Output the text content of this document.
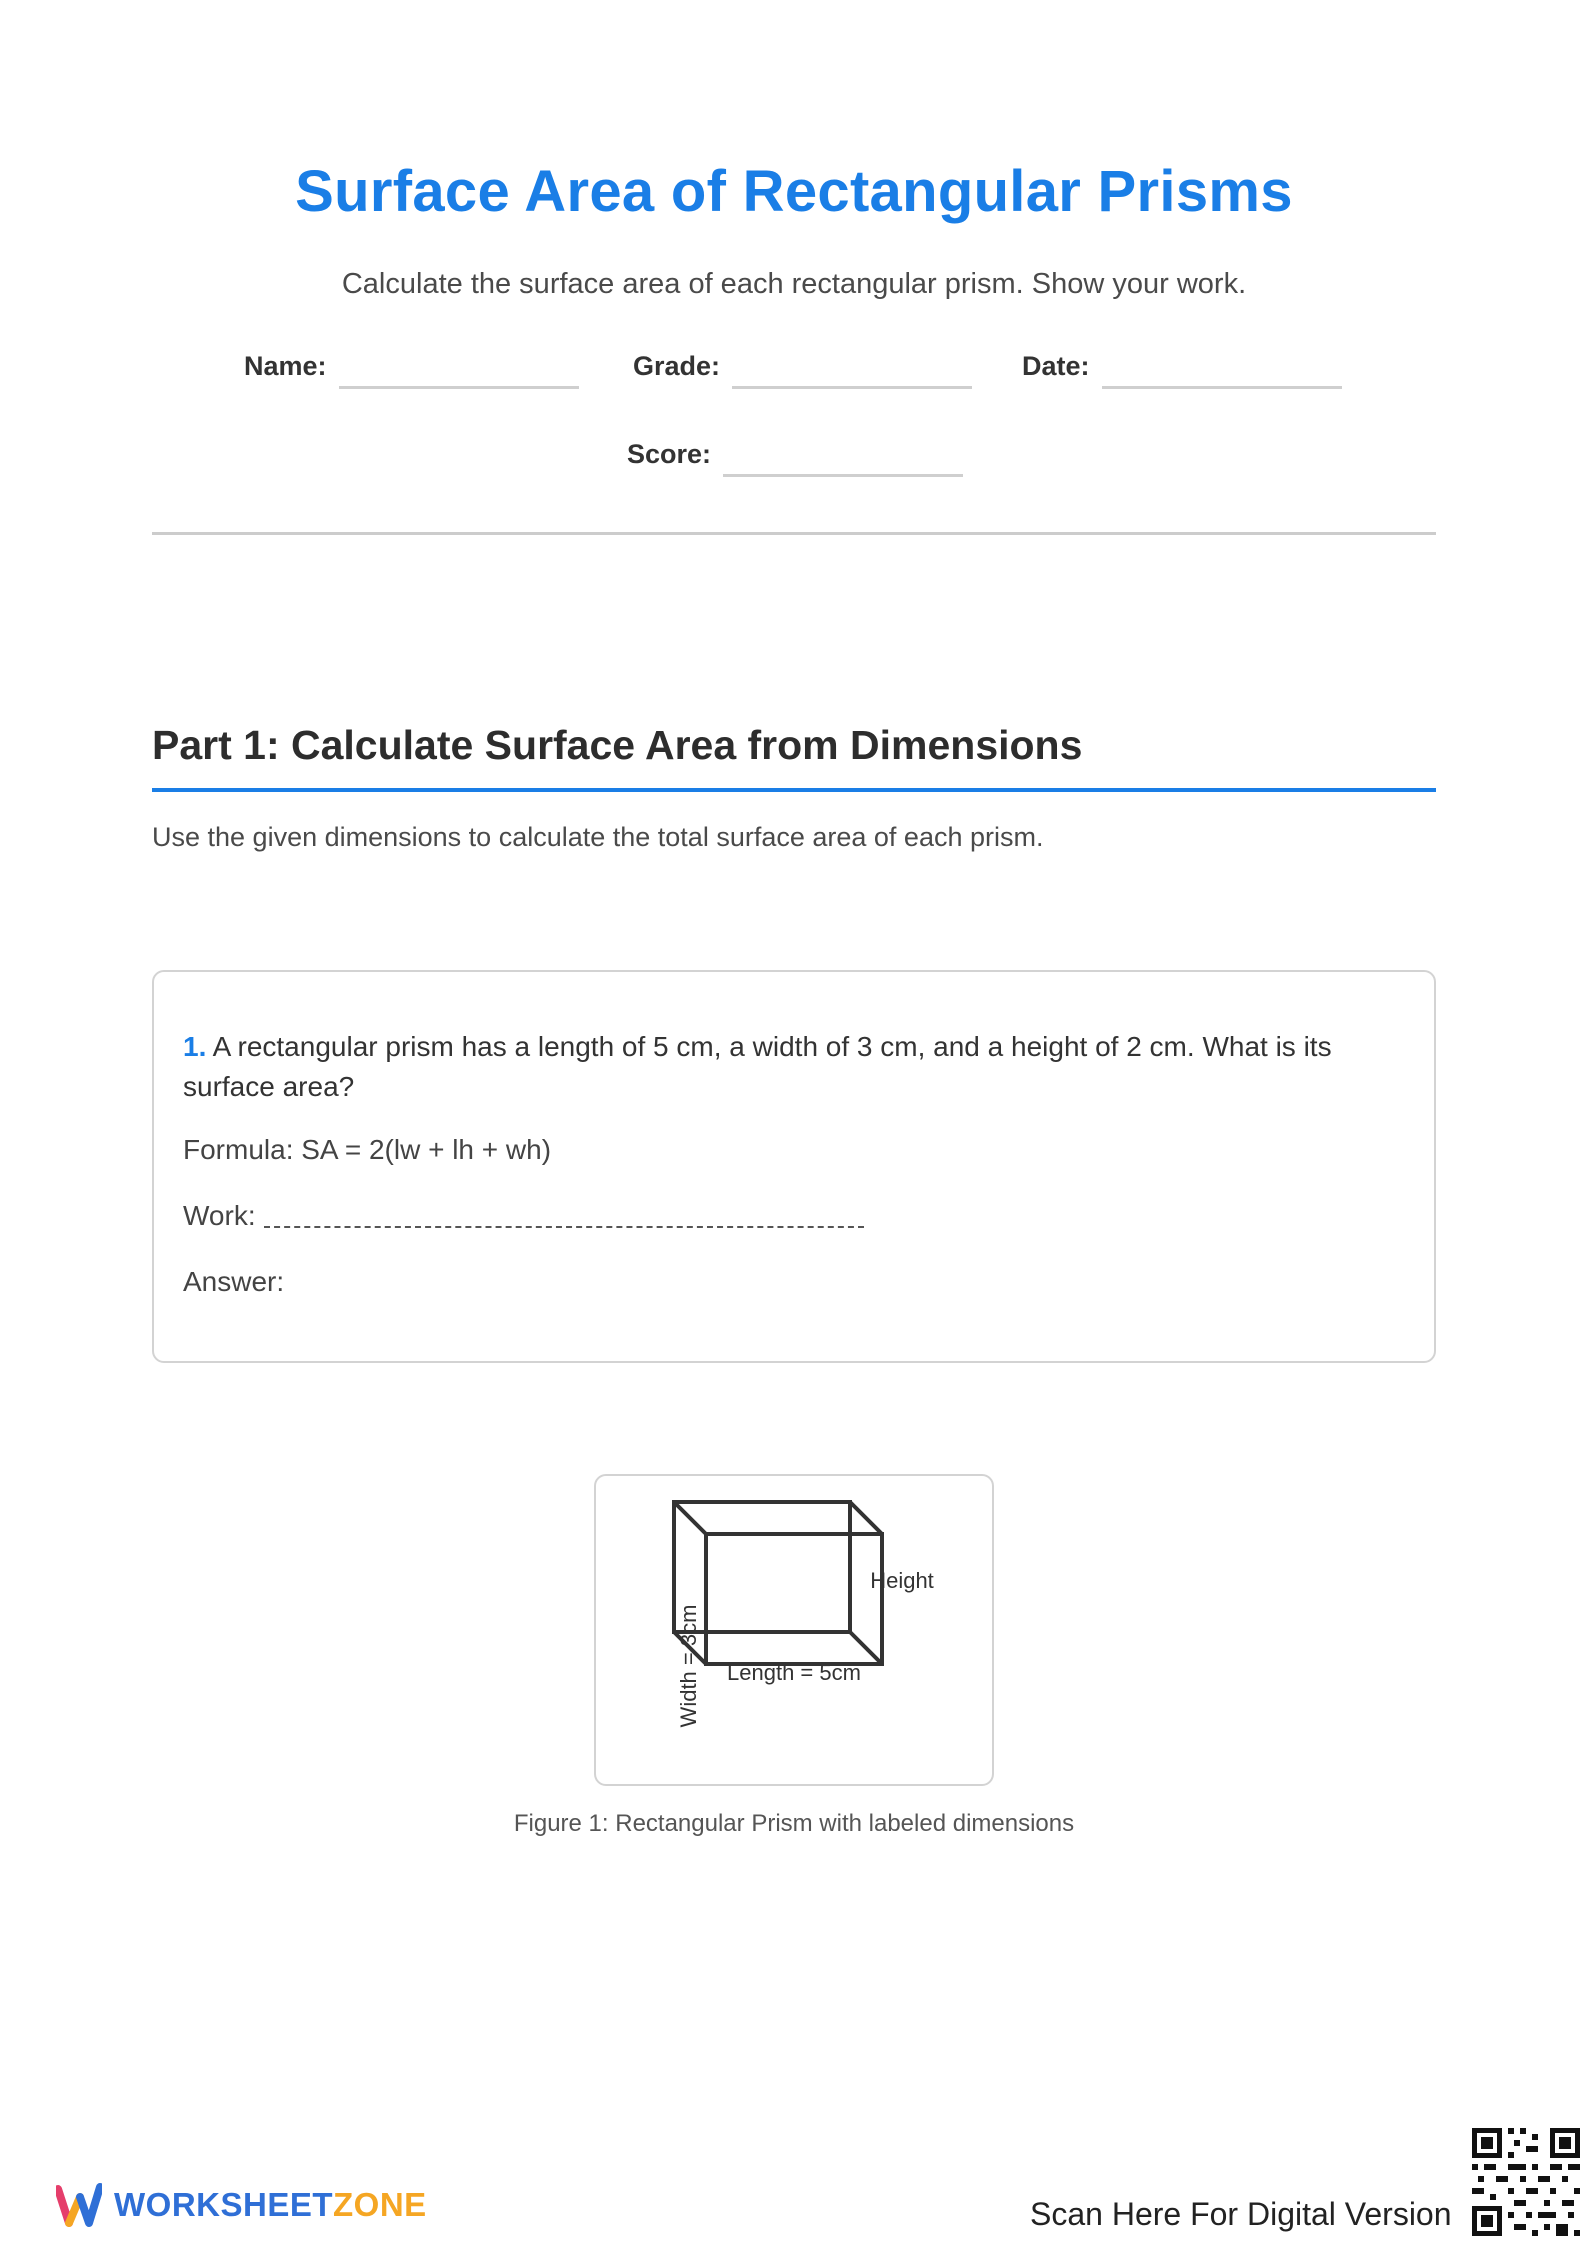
Surface Area of Rectangular Prisms
Calculate the surface area of each rectangular prism. Show your work.
Name:	Grade:	Date:
Score:
Part 1: Calculate Surface Area from Dimensions
Use the given dimensions to calculate the total surface area of each prism.
1. A rectangular prism has a length of 5 cm, a width of 3 cm, and a height of 2 cm. What is its surface area?
Formula: SA = 2(lw + lh + wh)
Work:
Answer:
Height
Length = 5cm
Width = 3cm
Figure 1: Rectangular Prism with labeled dimensions
WORKSHEETZONE	Scan Here For Digital Version
